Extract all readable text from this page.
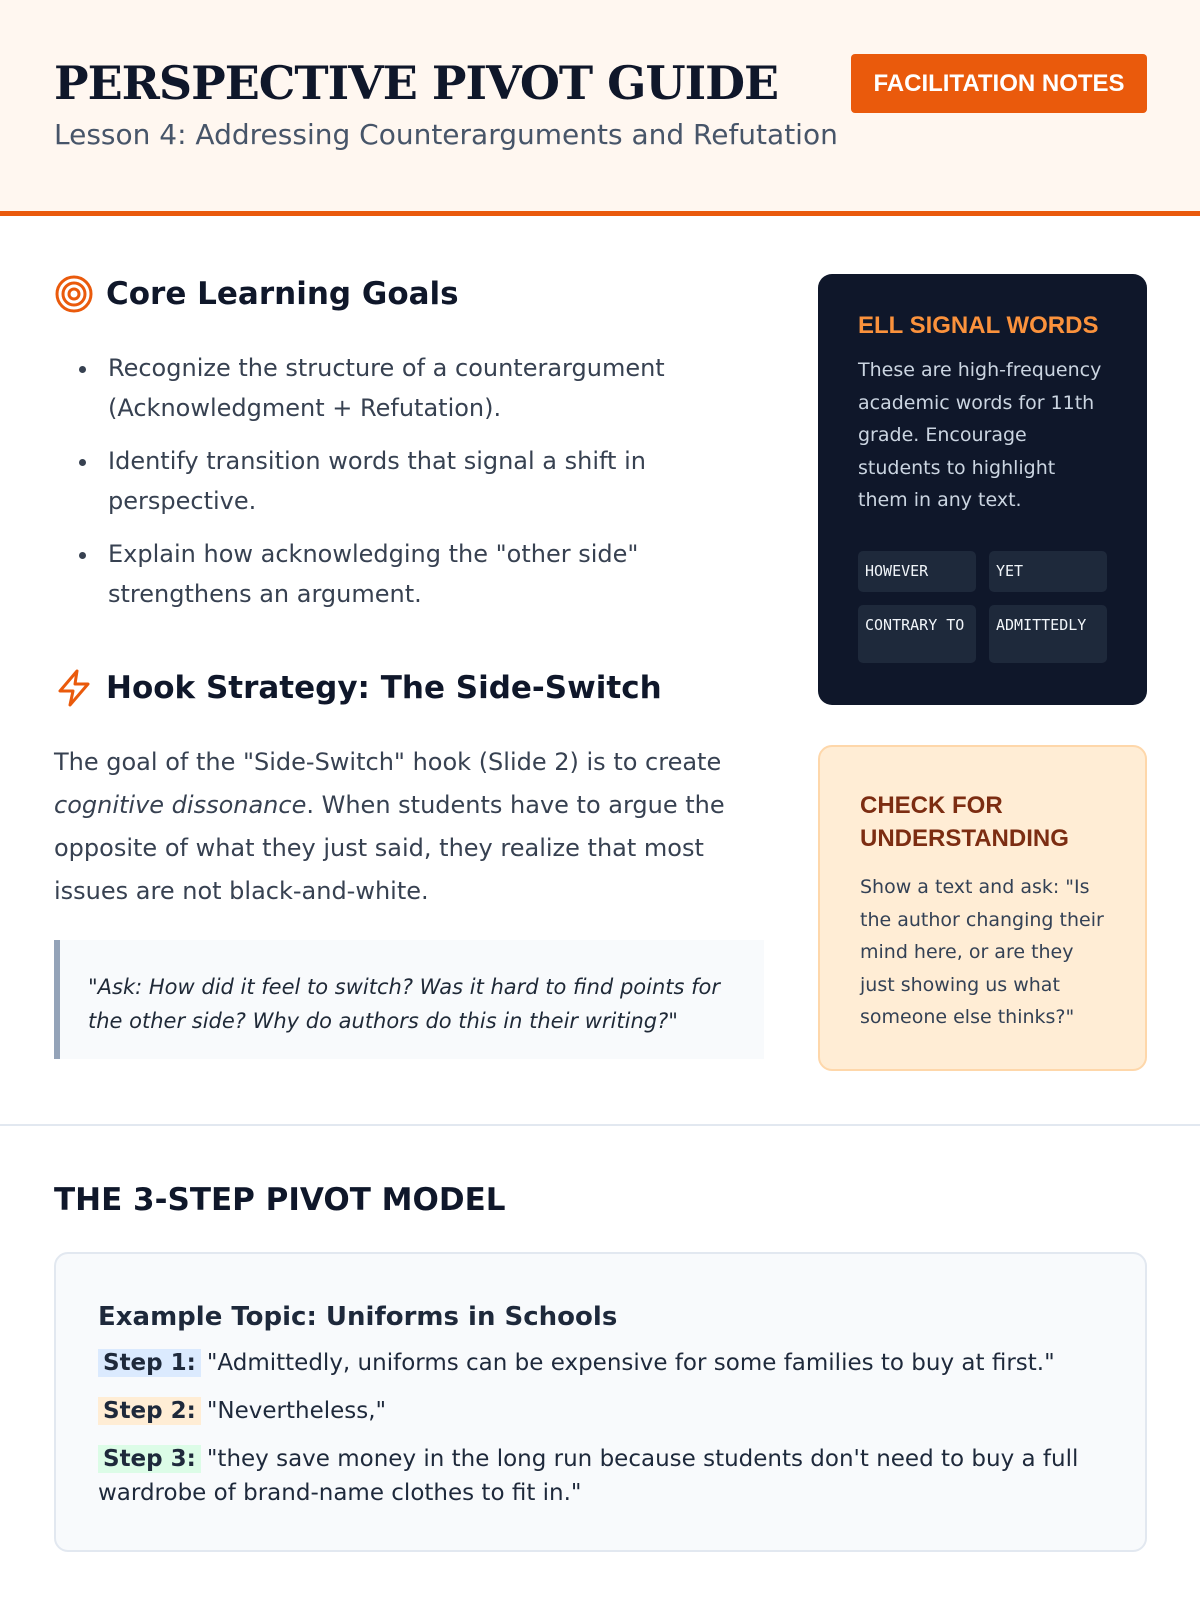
PERSPECTIVE PIVOT GUIDE
Lesson 4: Addressing Counterarguments and Refutation
FACILITATION NOTES
Core Learning Goals
Recognize the structure of a counterargument (Acknowledgment + Refutation).
Identify transition words that signal a shift in perspective.
Explain how acknowledging the "other side" strengthens an argument.
Hook Strategy: The Side-Switch

The goal of the "Side-Switch" hook (Slide 2) is to create cognitive dissonance. When students have to argue the opposite of what they just said, they realize that most issues are not black-and-white.

"Ask: How did it feel to switch? Was it hard to find points for the other side? Why do authors do this in their writing?"
ELL SIGNAL WORDS
These are high-frequency academic words for 11th grade. Encourage students to highlight them in any text.
HOWEVER	YET
CONTRARY TO	ADMITTEDLY
CHECK FOR UNDERSTANDING
Show a text and ask: "Is the author changing their mind here, or are they just showing us what someone else thinks?"
THE 3-STEP PIVOT MODEL
Example Topic: Uniforms in Schools
Step 1: "Admittedly, uniforms can be expensive for some families to buy at first."
Step 2: "Nevertheless,"
Step 3: "they save money in the long run because students don't need to buy a full wardrobe of brand-name clothes to fit in."
